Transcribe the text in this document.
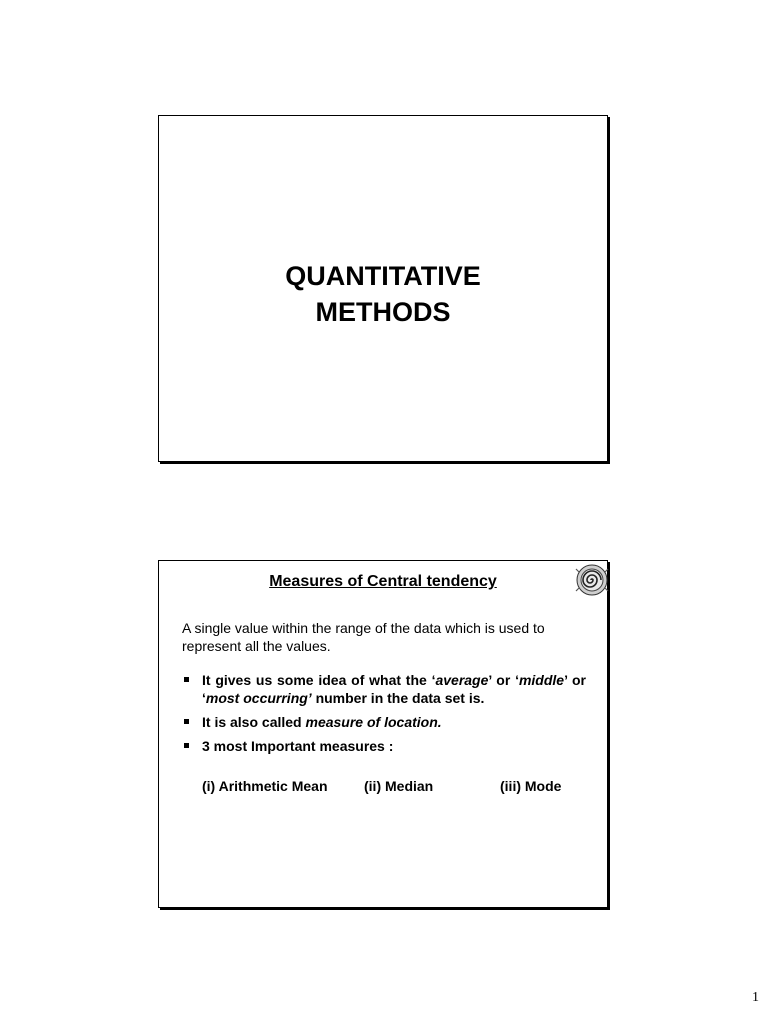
QUANTITATIVE
METHODS
Measures of Central tendency
A single value within the range of the data which is used to represent all the values.
It gives us some idea of what the ‘average’ or ‘middle’ or ‘most occurring’ number in the data set is.
It is also called measure of location.
3 most Important measures :
(i) Arithmetic Mean	(ii) Median	(iii) Mode
1
